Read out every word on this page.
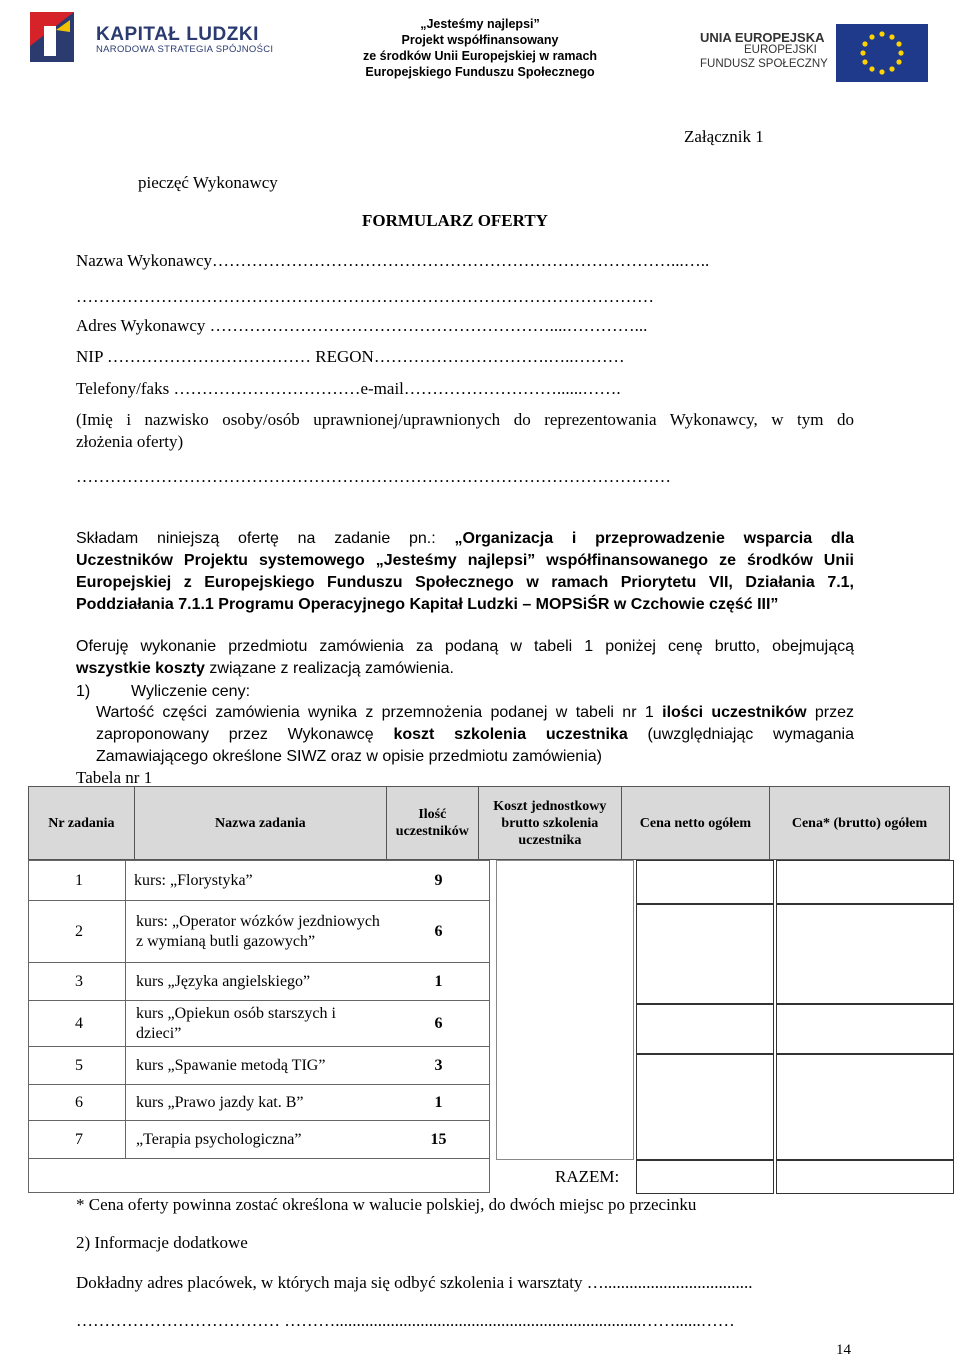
KAPITAŁ LUDZKI
NARODOWA STRATEGIA SPÓJNOŚCI
„Jesteśmy najlepsi”
Projekt współfinansowany
ze środków Unii Europejskiej w ramach
Europejskiego Funduszu Społecznego
UNIA EUROPEJSKA
EUROPEJSKI
FUNDUSZ SPOŁECZNY
Załącznik 1
pieczęć Wykonawcy
FORMULARZ OFERTY
Nazwa Wykonawcy………………………………………………………………………...…..
…………………………………………………………………………………………
Adres Wykonawcy ……………………………………………………....…………...
NIP ……………………………… REGON………………………….…..………
Telefony/faks ……………………………e-mail………………………......…….
(Imię i nazwisko osoby/osób uprawnionej/uprawnionych do reprezentowania Wykonawcy, w tym do
złożenia oferty)
……………………………………………………………………………………………
Składam niniejszą ofertę na zadanie pn.: „Organizacja i przeprowadzenie wsparcia dla
Uczestników Projektu systemowego „Jesteśmy najlepsi” współfinansowanego ze środków Unii
Europejskiej z Europejskiego Funduszu Społecznego w ramach Priorytetu VII, Działania 7.1,
Poddziałania 7.1.1 Programu Operacyjnego Kapitał Ludzki – MOPSiŚR w Czchowie część III”
Oferuję wykonanie przedmiotu zamówienia za podaną w tabeli 1 poniżej cenę brutto, obejmującą
wszystkie koszty związane z realizacją zamówienia.
1)	Wyliczenie ceny:
Wartość części zamówienia wynika z przemnożenia podanej w tabeli nr 1 ilości uczestników przez
zaproponowany przez Wykonawcę koszt szkolenia uczestnika (uwzględniając wymagania
Zamawiającego określone SIWZ oraz w opisie przedmiotu zamówienia)
Tabela nr 1
Nr zadania	Nazwa zadania	Ilość uczestników	Koszt jednostkowy brutto szkolenia uczestnika	Cena netto ogółem	Cena* (brutto) ogółem
1	kurs: „Florystyka”	9
2	kurs: „Operator wózków jezdniowych z wymianą butli gazowych”	6
3	kurs „Języka angielskiego”	1
4	kurs „Opiekun osób starszych i dzieci”	6
5	kurs „Spawanie metodą TIG”	3
6	kurs „Prawo jazdy kat. B”	1
7	„Terapia psychologiczna”	15

RAZEM:
* Cena oferty powinna zostać określona w walucie polskiej, do dwóch miejsc po przecinku
2) Informacje dodatkowe
Dokładny adres placówek, w których maja się odbyć szkolenia i warsztaty …...................................
……………………………… ………........................................................................……......……
14
